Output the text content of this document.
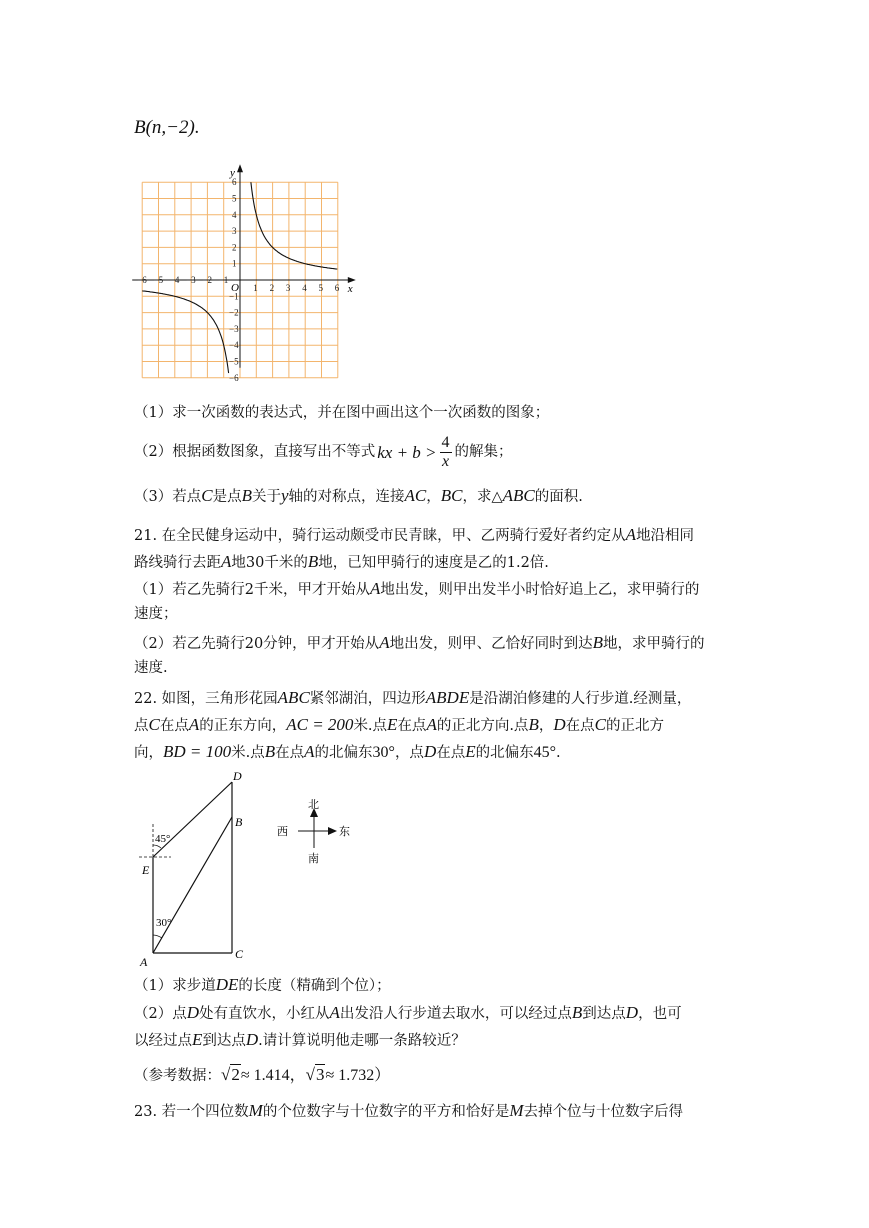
B(n,−2).
−6 −5 −4 −3 −2 −1
1 2 3 4 5 6
6
5
4
3
2
1
−1
−2
−3
−4
−5
−6
O	x
y
（1）求一次函数的表达式，并在图中画出这个一次函数的图象；
（2）根据函数图象，直接写出不等式 kx + $b > \frac{4}{x}$ 的解集；
（3）若点C是点B关于y轴的对称点，连接AC，BC，求△ABC的面积.
21. 在全民健身运动中，骑行运动颇受市民青睐，甲、乙两骑行爱好者约定从A地沿相同
路线骑行去距A地30千米的B地，已知甲骑行的速度是乙的1.2倍.
（1）若乙先骑行2千米，甲才开始从A地出发，则甲出发半小时恰好追上乙，求甲骑行的
速度；
（2）若乙先骑行20分钟，甲才开始从A地出发，则甲、乙恰好同时到达B地，求甲骑行的
速度.
22. 如图，三角形花园ABC紧邻湖泊，四边形ABDE是沿湖泊修建的人行步道.经测量，
点C在点A的正东方向，AC = 200米.点E在点A的正北方向.点B，D在点C的正北方
向，BD = 100米.点B在点A的北偏东30°，点D在点E的北偏东45°.
D
B
E
A
C
45°
30°
北
南
西	东
（1）求步道DE的长度（精确到个位）；
（2）点D处有直饮水，小红从A出发沿人行步道去取水，可以经过点B到达点D，也可
以经过点E到达点D.请计算说明他走哪一条路较近？
（参考数据：√2≈ 1.414，√3≈ 1.732）
23. 若一个四位数M的个位数字与十位数字的平方和恰好是M去掉个位与十位数字后得
